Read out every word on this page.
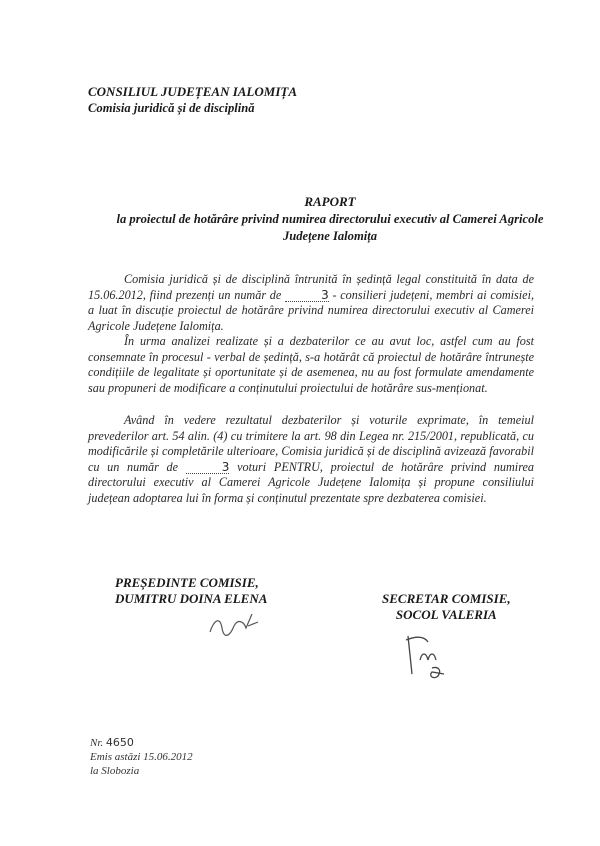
CONSILIUL JUDEȚEAN IALOMIȚA
Comisia juridică și de disciplină
RAPORT
la proiectul de hotărâre privind numirea directorului executiv al Camerei Agricole
Județene Ialomița
Comisia juridică și de disciplină întrunită în ședință legal constituită în data de 15.06.2012, fiind prezenți un număr de	3 - consilieri județeni, membri ai comisiei, a luat în discuție proiectul de hotărâre privind numirea directorului executiv al Camerei Agricole Județene Ialomița.
În urma analizei realizate și a dezbaterilor ce au avut loc, astfel cum au fost consemnate în procesul - verbal de ședință, s-a hotărât că proiectul de hotărâre întrunește condițiile de legalitate și oportunitate și de asemenea, nu au fost formulate amendamente sau propuneri de modificare a conținutului proiectului de hotărâre sus-menționat.
Având în vedere rezultatul dezbaterilor și voturile exprimate, în temeiul prevederilor art. 54 alin. (4) cu trimitere la art. 98 din Legea nr. 215/2001, republicată, cu modificările și completările ulterioare, Comisia juridică și de disciplină avizează favorabil cu un număr de	3 voturi PENTRU, proiectul de hotărâre privind numirea directorului executiv al Camerei Agricole Județene Ialomița și propune consiliului județean adoptarea lui în forma și conținutul prezentate spre dezbaterea comisiei.
PREȘEDINTE COMISIE,
DUMITRU DOINA ELENA	SECRETAR COMISIE,
SOCOL VALERIA
Nr. 4650
Emis astăzi 15.06.2012
la Slobozia
